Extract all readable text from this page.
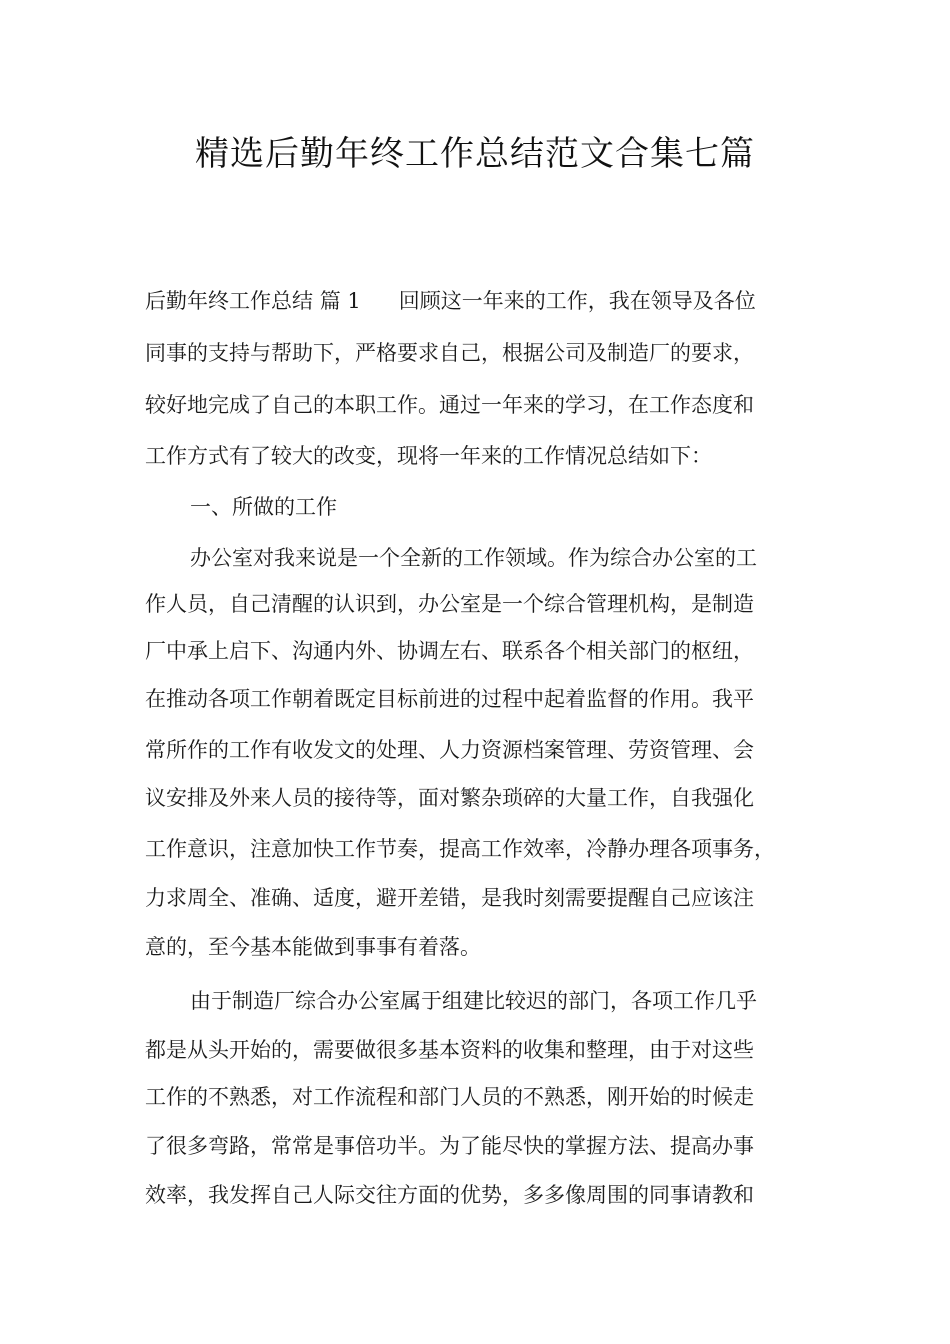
精选后勤年终工作总结范文合集七篇
后勤年终工作总结 篇 1 回顾这一年来的工作，我在领导及各位
同事的支持与帮助下，严格要求自己，根据公司及制造厂的要求，
较好地完成了自己的本职工作。通过一年来的学习，在工作态度和
工作方式有了较大的改变，现将一年来的工作情况总结如下：
一、所做的工作
办公室对我来说是一个全新的工作领域。作为综合办公室的工
作人员，自己清醒的认识到，办公室是一个综合管理机构，是制造
厂中承上启下、沟通内外、协调左右、联系各个相关部门的枢纽，
在推动各项工作朝着既定目标前进的过程中起着监督的作用。我平
常所作的工作有收发文的处理、人力资源档案管理、劳资管理、会
议安排及外来人员的接待等，面对繁杂琐碎的大量工作，自我强化
工作意识，注意加快工作节奏，提高工作效率，冷静办理各项事务，
力求周全、准确、适度，避开差错，是我时刻需要提醒自己应该注
意的，至今基本能做到事事有着落。
由于制造厂综合办公室属于组建比较迟的部门，各项工作几乎
都是从头开始的，需要做很多基本资料的收集和整理，由于对这些
工作的不熟悉，对工作流程和部门人员的不熟悉，刚开始的时候走
了很多弯路，常常是事倍功半。为了能尽快的掌握方法、提高办事
效率，我发挥自己人际交往方面的优势，多多像周围的同事请教和
